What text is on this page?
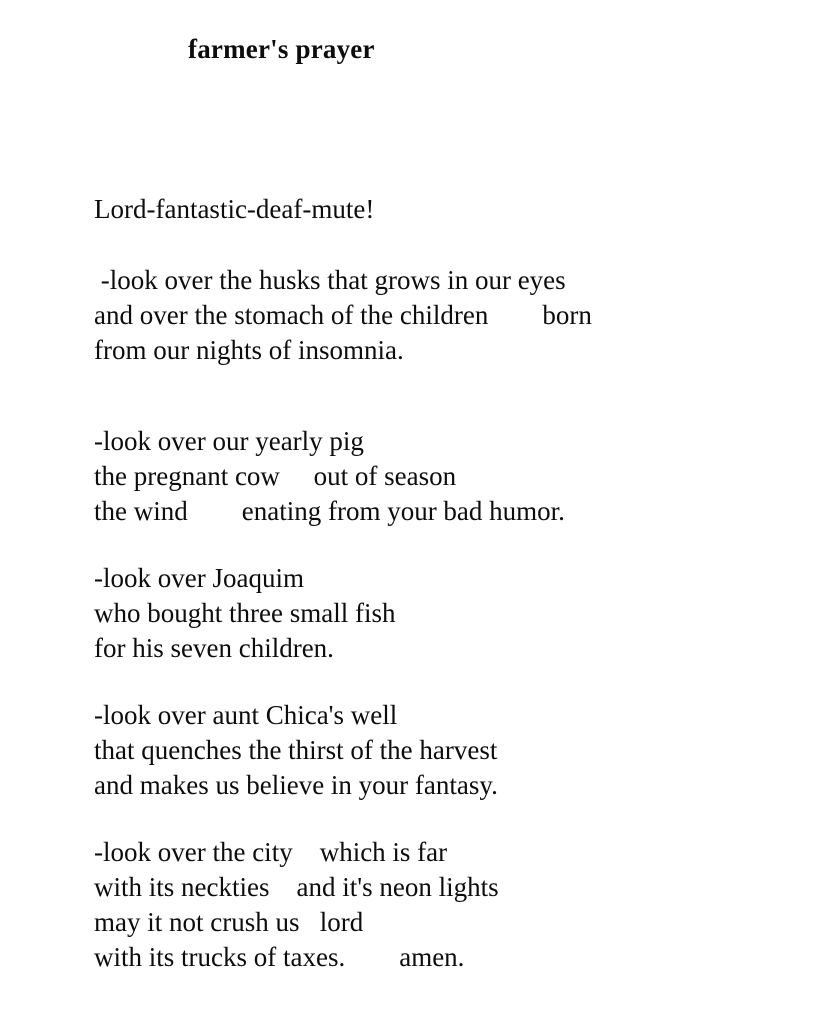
farmer's prayer
Lord-fantastic-deaf-mute!
-look over the husks that grows in our eyes
and over the stomach of the children        born
from our nights of insomnia.
-look over our yearly pig
the pregnant cow     out of season
the wind        enating from your bad humor.
-look over Joaquim
who bought three small fish
for his seven children.
-look over aunt Chica's well
that quenches the thirst of the harvest
and makes us believe in your fantasy.
-look over the city    which is far
with its neckties    and it's neon lights
may it not crush us   lord
with its trucks of taxes.        amen.
